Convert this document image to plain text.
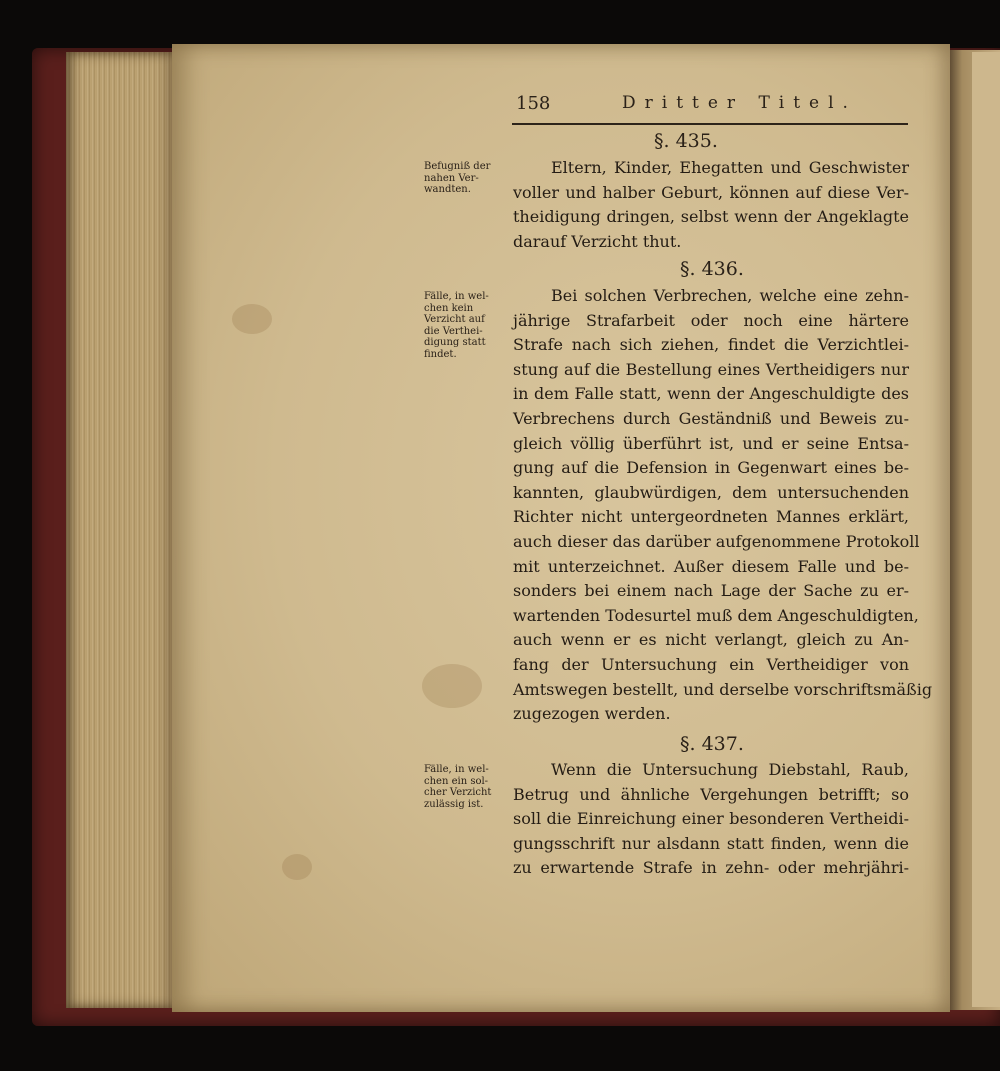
158	Dritter Titel.
§. 435.
Befugniß der
nahen Ver-
wandten.
Eltern, Kinder, Ehegatten und Geschwister
voller und halber Geburt, können auf diese Ver-
theidigung dringen, selbst wenn der Angeklagte
darauf Verzicht thut.
§. 436.
Fälle, in wel-
chen kein
Verzicht auf
die Verthei-
digung statt
findet.
Bei solchen Verbrechen, welche eine zehn-
jährige Strafarbeit oder noch eine härtere
Strafe nach sich ziehen, findet die Verzichtlei-
stung auf die Bestellung eines Vertheidigers nur
in dem Falle statt, wenn der Angeschuldigte des
Verbrechens durch Geständniß und Beweis zu-
gleich völlig überführt ist, und er seine Entsa-
gung auf die Defension in Gegenwart eines be-
kannten, glaubwürdigen, dem untersuchenden
Richter nicht untergeordneten Mannes erklärt,
auch dieser das darüber aufgenommene Protokoll
mit unterzeichnet. Außer diesem Falle und be-
sonders bei einem nach Lage der Sache zu er-
wartenden Todesurtel muß dem Angeschuldigten,
auch wenn er es nicht verlangt, gleich zu An-
fang der Untersuchung ein Vertheidiger von
Amtswegen bestellt, und derselbe vorschriftsmäßig
zugezogen werden.
§. 437.
Fälle, in wel-
chen ein sol-
cher Verzicht
zulässig ist.
Wenn die Untersuchung Diebstahl, Raub,
Betrug und ähnliche Vergehungen betrifft; so
soll die Einreichung einer besonderen Vertheidi-
gungsschrift nur alsdann statt finden, wenn die
zu erwartende Strafe in zehn- oder mehrjähri-
